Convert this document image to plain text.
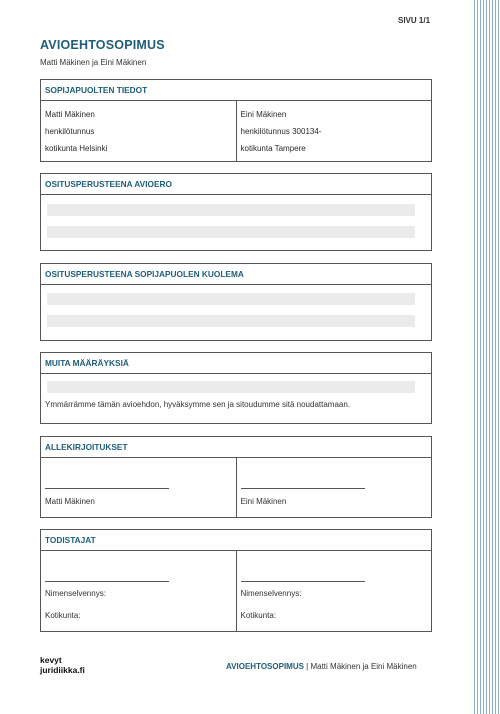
SIVU 1/1
AVIOEHTOSOPIMUS
Matti Mäkinen ja Eini Mäkinen
SOPIJAPUOLTEN TIEDOT
Matti Mäkinen
henkilötunnus
kotikunta Helsinki
Eini Mäkinen
henkilötunnus 300134-
kotikunta Tampere
OSITUSPERUSTEENA AVIOERO
OSITUSPERUSTEENA SOPIJAPUOLEN KUOLEMA
MUITA MÄÄRÄYKSIÄ
Ymmärrämme tämän avioehdon, hyväksymme sen ja sitoudumme sitä noudattamaan.
ALLEKIRJOITUKSET
Matti Mäkinen	Eini Mäkinen
TODISTAJAT
Nimenselvennys:
Kotikunta:
Nimenselvennys:
Kotikunta:
kevyt
juridiikka.fi	AVIOEHTOSOPIMUS | Matti Mäkinen ja Eini Mäkinen
